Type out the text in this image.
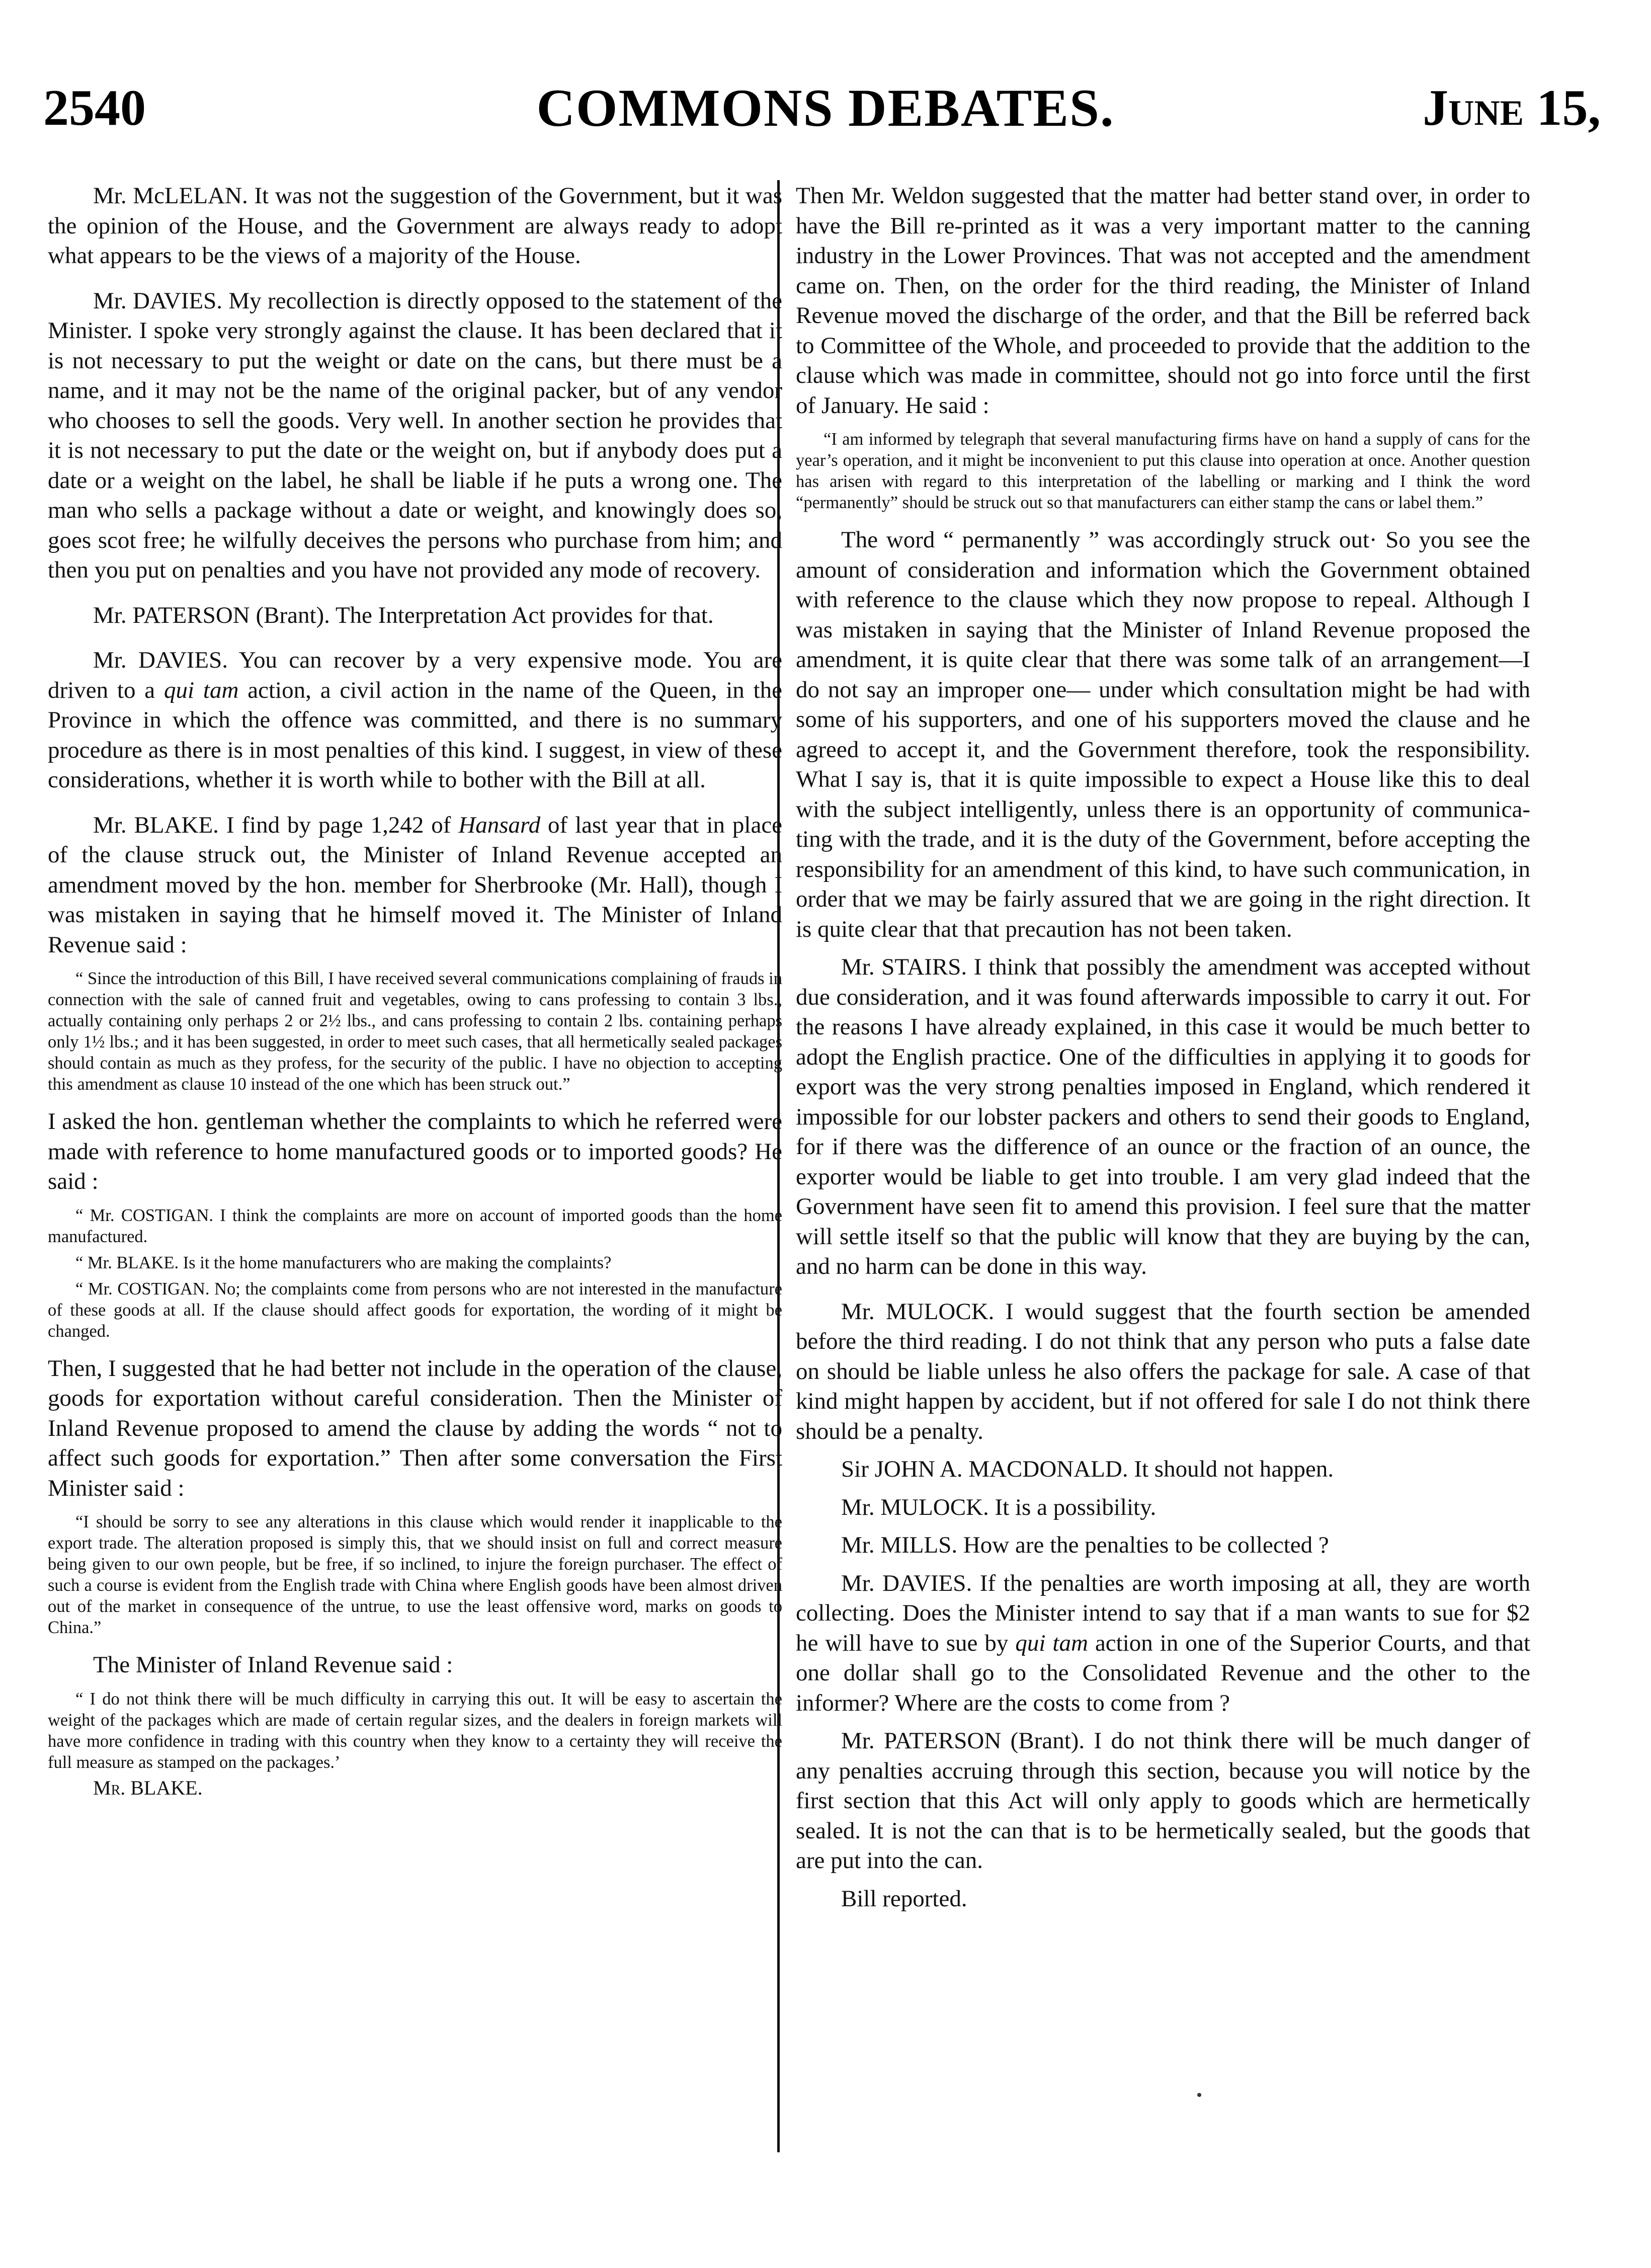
2540	COMMONS DEBATES.	June 15,

Mr. McLELAN. It was not the suggestion of the Government, but it was the opinion of the House, and the Government are always ready to adopt what appears to be the views of a majority of the House.

Mr. DAVIES. My recollection is directly opposed to the statement of the Minister. I spoke very strongly against the clause. It has been declared that it is not necessary to put the weight or date on the cans, but there must be a name, and it may not be the name of the original packer, but of any vendor who chooses to sell the goods. Very well. In another section he provides that it is not necessary to put the date or the weight on, but if anybody does put a date or a weight on the label, he shall be liable if he puts a wrong one. The man who sells a package without a date or weight, and knowingly does so, goes scot free; he wilfully deceives the persons who purchase from him; and then you put on penalties and you have not provided any mode of recovery.

Mr. PATERSON (Brant). The Interpretation Act provides for that.

Mr. DAVIES. You can recover by a very expensive mode. You are driven to a qui tam action, a civil action in the name of the Queen, in the Province in which the offence was committed, and there is no summary procedure as there is in most penalties of this kind. I suggest, in view of these considerations, whether it is worth while to bother with the Bill at all.

Mr. BLAKE. I find by page 1,242 of Hansard of last year that in place of the clause struck out, the Minister of Inland Revenue accepted an amendment moved by the hon. member for Sherbrooke (Mr. Hall), though I was mistaken in saying that he himself moved it. The Minister of Inland Revenue said :

“ Since the introduction of this Bill, I have received several communications complaining of frauds in connection with the sale of canned fruit and vegetables, owing to cans professing to contain 3 lbs., actually containing only perhaps 2 or 2½ lbs., and cans professing to contain 2 lbs. containing perhaps only 1½ lbs.; and it has been suggested, in order to meet such cases, that all hermetically sealed packages should contain as much as they profess, for the security of the public. I have no objection to accepting this amendment as clause 10 instead of the one which has been struck out.”

I asked the hon. gentleman whether the complaints to which he referred were made with reference to home manufactured goods or to imported goods? He said :

“ Mr. COSTIGAN. I think the complaints are more on account of imported goods than the home manufactured.
“ Mr. BLAKE. Is it the home manufacturers who are making the complaints?
“ Mr. COSTIGAN. No; the complaints come from persons who are not interested in the manufacture of these goods at all. If the clause should affect goods for exportation, the wording of it might be changed.

Then, I suggested that he had better not include in the operation of the clause, goods for exportation without careful consideration. Then the Minister of Inland Revenue proposed to amend the clause by adding the words “ not to affect such goods for exportation.” Then after some conversation the First Minister said :

“I should be sorry to see any alterations in this clause which would render it inapplicable to the export trade. The alteration proposed is simply this, that we should insist on full and correct measure being given to our own people, but be free, if so inclined, to injure the foreign purchaser. The effect of such a course is evident from the English trade with China where English goods have been almost driven out of the market in consequence of the untrue, to use the least offensive word, marks on goods to China.”

The Minister of Inland Revenue said :

“ I do not think there will be much difficulty in carrying this out. It will be easy to ascertain the weight of the packages which are made of certain regular sizes, and the dealers in foreign markets will have more confidence in trading with this country when they know to a certainty they will receive the full measure as stamped on the packages.’
Mr. BLAKE.

Then Mr. Weldon suggested that the matter had better stand over, in order to have the Bill re-printed as it was a very important matter to the canning industry in the Lower Provinces. That was not accepted and the amendment came on. Then, on the order for the third reading, the Minister of Inland Revenue moved the discharge of the order, and that the Bill be referred back to Committee of the Whole, and proceeded to provide that the addition to the clause which was made in committee, should not go into force until the first of January. He said :

“I am informed by telegraph that several manufacturing firms have on hand a supply of cans for the year’s operation, and it might be inconvenient to put this clause into operation at once. Another question has arisen with regard to this interpretation of the labelling or marking and I think the word “permanently” should be struck out so that manufacturers can either stamp the cans or label them.”

The word “ permanently ” was accordingly struck out· So you see the amount of consideration and information which the Government obtained with reference to the clause which they now propose to repeal. Although I was mistaken in saying that the Minister of Inland Revenue proposed the amendment, it is quite clear that there was some talk of an arrangement—I do not say an improper one— under which consultation might be had with some of his supporters, and one of his supporters moved the clause and he agreed to accept it, and the Government therefore, took the responsibility. What I say is, that it is quite impossible to expect a House like this to deal with the subject intelligently, unless there is an opportunity of communicating with the trade, and it is the duty of the Government, before accepting the responsibility for an amendment of this kind, to have such communication, in order that we may be fairly assured that we are going in the right direction. It is quite clear that that precaution has not been taken.

Mr. STAIRS. I think that possibly the amendment was accepted without due consideration, and it was found afterwards impossible to carry it out. For the reasons I have already explained, in this case it would be much better to adopt the English practice. One of the difficulties in applying it to goods for export was the very strong penalties imposed in England, which rendered it impossible for our lobster packers and others to send their goods to England, for if there was the difference of an ounce or the fraction of an ounce, the exporter would be liable to get into trouble. I am very glad indeed that the Government have seen fit to amend this provision. I feel sure that the matter will settle itself so that the public will know that they are buying by the can, and no harm can be done in this way.

Mr. MULOCK. I would suggest that the fourth section be amended before the third reading. I do not think that any person who puts a false date on should be liable unless he also offers the package for sale. A case of that kind might happen by accident, but if not offered for sale I do not think there should be a penalty.

Sir JOHN A. MACDONALD. It should not happen.

Mr. MULOCK. It is a possibility.

Mr. MILLS. How are the penalties to be collected ?

Mr. DAVIES. If the penalties are worth imposing at all, they are worth collecting. Does the Minister intend to say that if a man wants to sue for $2 he will have to sue by qui tam action in one of the Superior Courts, and that one dollar shall go to the Consolidated Revenue and the other to the informer? Where are the costs to come from ?

Mr. PATERSON (Brant). I do not think there will be much danger of any penalties accruing through this section, because you will notice by the first section that this Act will only apply to goods which are hermetically sealed. It is not the can that is to be hermetically sealed, but the goods that are put into the can.

Bill reported.
